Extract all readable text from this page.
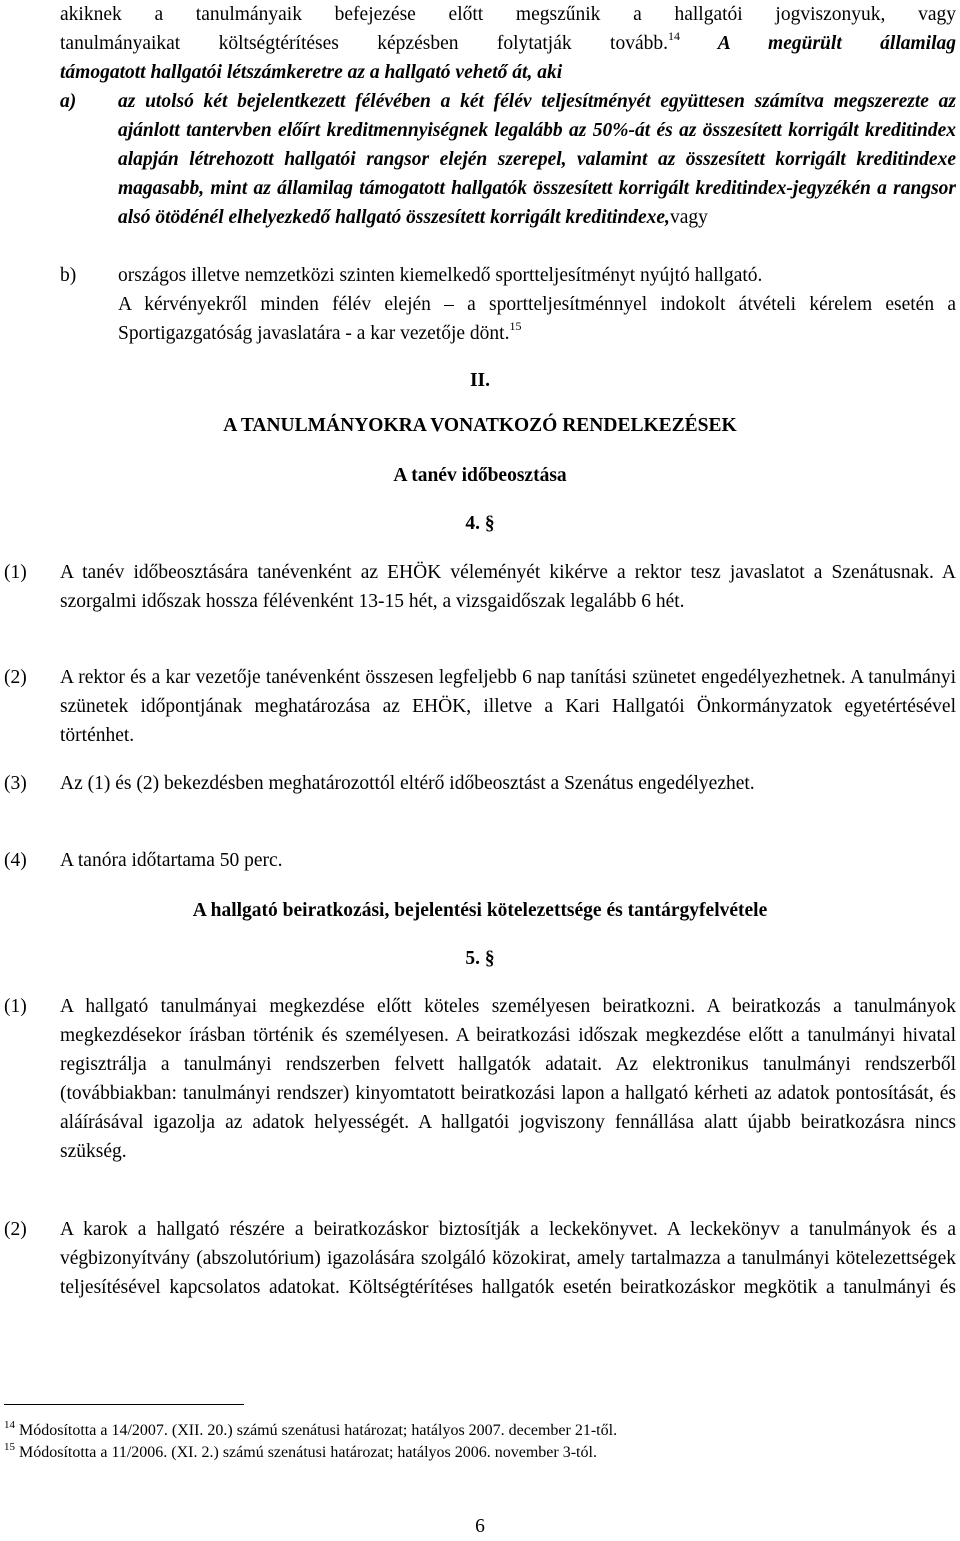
akiknek a tanulmányaik befejezése előtt megszűnik a hallgatói jogviszonyuk, vagy

tanulmányaikat költségtérítéses képzésben folytatják tovább.$^{14}$ A megürült államilag

támogatott hallgatói létszámkeretre az a hallgató vehető át, aki

a)	az utolsó két bejelentkezett félévében a két félév teljesítményét együttesen számítva megszerezte az ajánlott tantervben előírt kreditmennyiségnek legalább az 50%-át és az összesített korrigált kreditindex alapján létrehozott hallgatói rangsor elején szerepel, valamint az összesített korrigált kreditindexe magasabb, mint az államilag támogatott hallgatók összesített korrigált kreditindex-jegyzékén a rangsor alsó ötödénél elhelyezkedő hallgató összesített korrigált kreditindexe,vagy

b)	országos illetve nemzetközi szinten kiemelkedő sportteljesítményt nyújtó hallgató.

A kérvényekről minden félév elején – a sportteljesítménnyel indokolt átvételi kérelem esetén a Sportigazgatóság javaslatára - a kar vezetője dönt.$^{15}$

II.

A TANULMÁNYOKRA VONATKOZÓ RENDELKEZÉSEK

A tanév időbeosztása

4. §

(1)	A tanév időbeosztására tanévenként az EHÖK véleményét kikérve a rektor tesz javaslatot a Szenátusnak. A szorgalmi időszak hossza félévenként 13-15 hét, a vizsgaidőszak legalább 6 hét.

(2)	A rektor és a kar vezetője tanévenként összesen legfeljebb 6 nap tanítási szünetet engedélyezhetnek. A tanulmányi szünetek időpontjának meghatározása az EHÖK, illetve a Kari Hallgatói Önkormányzatok egyetértésével történhet.

(3)	Az (1) és (2) bekezdésben meghatározottól eltérő időbeosztást a Szenátus engedélyezhet.

(4)	A tanóra időtartama 50 perc.

A hallgató beiratkozási, bejelentési kötelezettsége és tantárgyfelvétele

5. §

(1)	A hallgató tanulmányai megkezdése előtt köteles személyesen beiratkozni. A beiratkozás a tanulmányok megkezdésekor írásban történik és személyesen. A beiratkozási időszak megkezdése előtt a tanulmányi hivatal regisztrálja a tanulmányi rendszerben felvett hallgatók adatait. Az elektronikus tanulmányi rendszerből (továbbiakban: tanulmányi rendszer) kinyomtatott beiratkozási lapon a hallgató kérheti az adatok pontosítását, és aláírásával igazolja az adatok helyességét. A hallgatói jogviszony fennállása alatt újabb beiratkozásra nincs szükség.

(2)	A karok a hallgató részére a beiratkozáskor biztosítják a leckekönyvet. A leckekönyv a tanulmányok és a végbizonyítvány (abszolutórium) igazolására szolgáló közokirat, amely tartalmazza a tanulmányi kötelezettségek teljesítésével kapcsolatos adatokat. Költségtérítéses hallgatók esetén beiratkozáskor megkötik a tanulmányi és

$^{14}$ Módosította a 14/2007. (XII. 20.) számú szenátusi határozat; hatályos 2007. december 21-től.

$^{15}$ Módosította a 11/2006. (XI. 2.) számú szenátusi határozat; hatályos 2006. november 3-tól.

6
